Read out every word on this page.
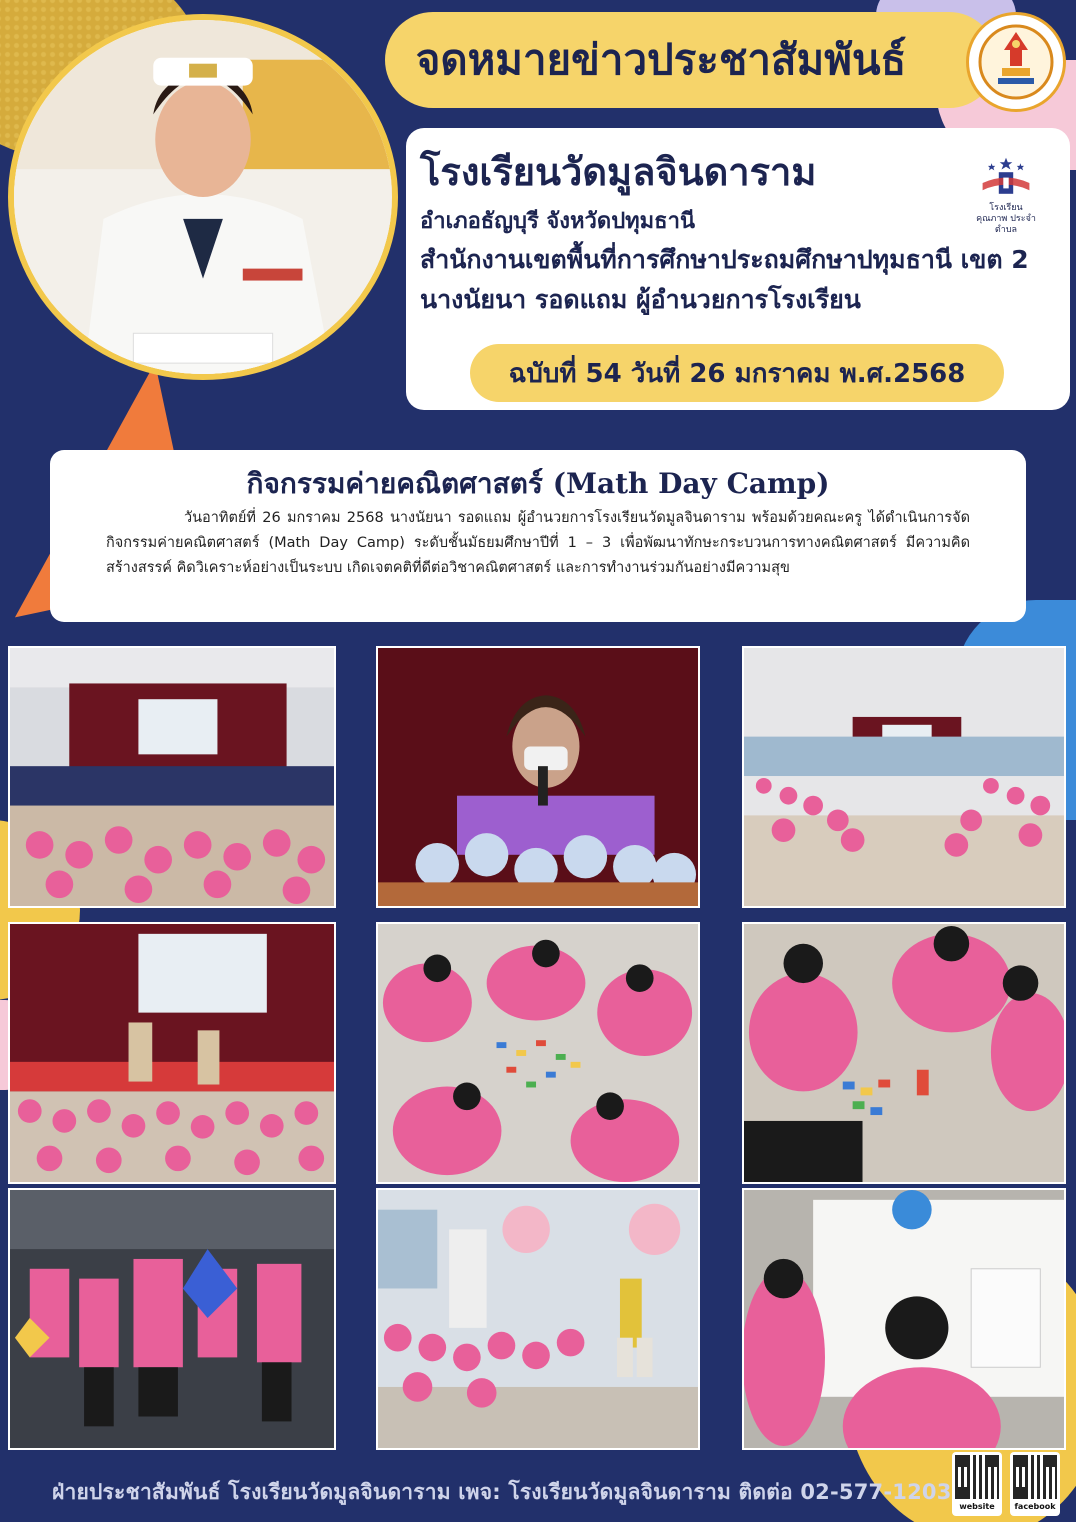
จดหมายข่าวประชาสัมพันธ์
โรงเรียนวัดมูลจินดาราม
อำเภอธัญบุรี จังหวัดปทุมธานี
สำนักงานเขตพื้นที่การศึกษาประถมศึกษาปทุมธานี เขต 2
นางนัยนา รอดแถม ผู้อำนวยการโรงเรียน
โรงเรียนคุณภาพ ประจำตำบล
ฉบับที่ 54 วันที่ 26 มกราคม พ.ศ.2568
กิจกรรมค่ายคณิตศาสตร์ (Math Day Camp)
วันอาทิตย์ที่ 26 มกราคม 2568 นางนัยนา รอดแถม ผู้อำนวยการโรงเรียนวัดมูลจินดาราม พร้อมด้วยคณะครู ได้ดำเนินการจัดกิจกรรมค่ายคณิตศาสตร์ (Math Day Camp) ระดับชั้นมัธยมศึกษาปีที่ 1 – 3 เพื่อพัฒนาทักษะกระบวนการทางคณิตศาสตร์ มีความคิดสร้างสรรค์ คิดวิเคราะห์อย่างเป็นระบบ เกิดเจตคติที่ดีต่อวิชาคณิตศาสตร์ และการทำงานร่วมกันอย่างมีความสุข
ฝ่ายประชาสัมพันธ์ โรงเรียนวัดมูลจินดาราม เพจ: โรงเรียนวัดมูลจินดาราม ติดต่อ 02-577-1203
website	facebook
